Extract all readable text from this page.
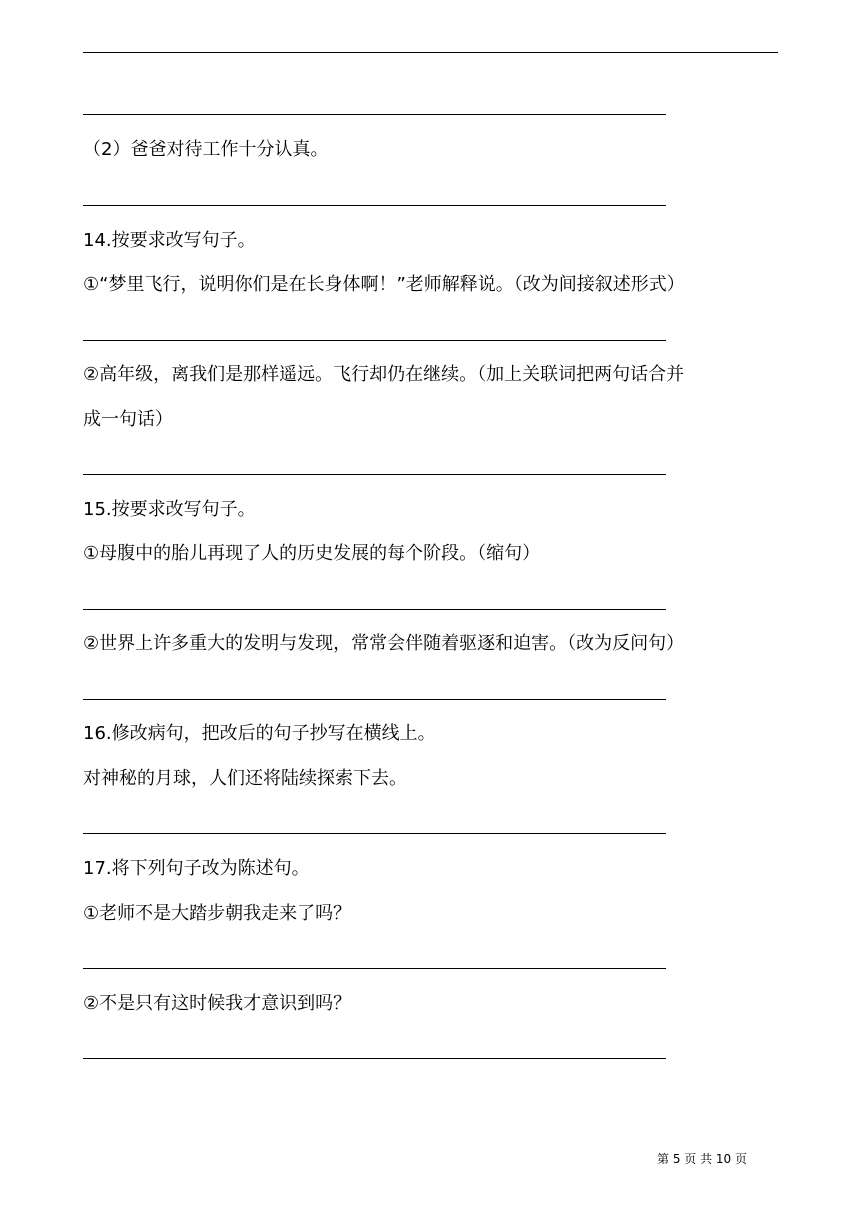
（2）爸爸对待工作十分认真。
14.按要求改写句子。
①“梦里飞行，说明你们是在长身体啊！”老师解释说。（改为间接叙述形式）
②高年级，离我们是那样遥远。飞行却仍在继续。（加上关联词把两句话合并
成一句话）
15.按要求改写句子。
①母腹中的胎儿再现了人的历史发展的每个阶段。（缩句）
②世界上许多重大的发明与发现，常常会伴随着驱逐和迫害。（改为反问句）
16.修改病句，把改后的句子抄写在横线上。
对神秘的月球，人们还将陆续探索下去。
17.将下列句子改为陈述句。
①老师不是大踏步朝我走来了吗？
②不是只有这时候我才意识到吗？
第 5 页 共 10 页
